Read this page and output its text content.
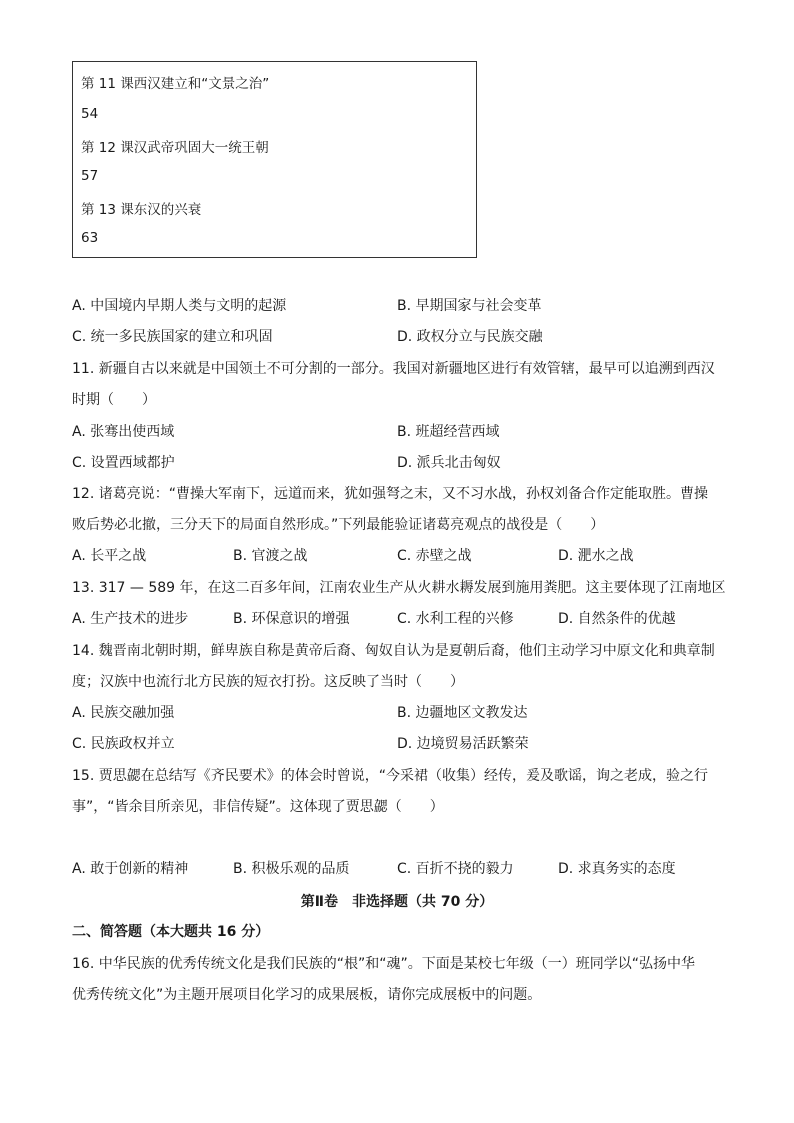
第 11 课西汉建立和“文景之治”
54
第 12 课汉武帝巩固大一统王朝
57
第 13 课东汉的兴衰
63
A. 中国境内早期人类与文明的起源	B. 早期国家与社会变革
C. 统一多民族国家的建立和巩固	D. 政权分立与民族交融
11. 新疆自古以来就是中国领土不可分割的一部分。我国对新疆地区进行有效管辖，最早可以追溯到西汉
时期（　　）
A. 张骞出使西域	B. 班超经营西域
C. 设置西域都护	D. 派兵北击匈奴
12. 诸葛亮说：“曹操大军南下，远道而来，犹如强弩之末，又不习水战，孙权刘备合作定能取胜。曹操
败后势必北撤，三分天下的局面自然形成。”下列最能验证诸葛亮观点的战役是（　　）
A. 长平之战	B. 官渡之战	C. 赤壁之战	D. 淝水之战
13. 317 — 589 年，在这二百多年间，江南农业生产从火耕水耨发展到施用粪肥。这主要体现了江南地区
A. 生产技术的进步	B. 环保意识的增强	C. 水利工程的兴修	D. 自然条件的优越
14. 魏晋南北朝时期，鲜卑族自称是黄帝后裔、匈奴自认为是夏朝后裔，他们主动学习中原文化和典章制
度；汉族中也流行北方民族的短衣打扮。这反映了当时（　　）
A. 民族交融加强	B. 边疆地区文教发达
C. 民族政权并立	D. 边境贸易活跃繁荣
15. 贾思勰在总结写《齐民要术》的体会时曾说，“今采裙（收集）经传，爰及歌谣，询之老成，验之行
事”，“皆余目所亲见，非信传疑”。这体现了贾思勰（　　）
A. 敢于创新的精神	B. 积极乐观的品质	C. 百折不挠的毅力	D. 求真务实的态度
第Ⅱ卷　非选择题（共 70 分）
二、简答题（本大题共 16 分）
16. 中华民族的优秀传统文化是我们民族的“根”和“魂”。下面是某校七年级（一）班同学以“弘扬中华
优秀传统文化”为主题开展项目化学习的成果展板，请你完成展板中的问题。
